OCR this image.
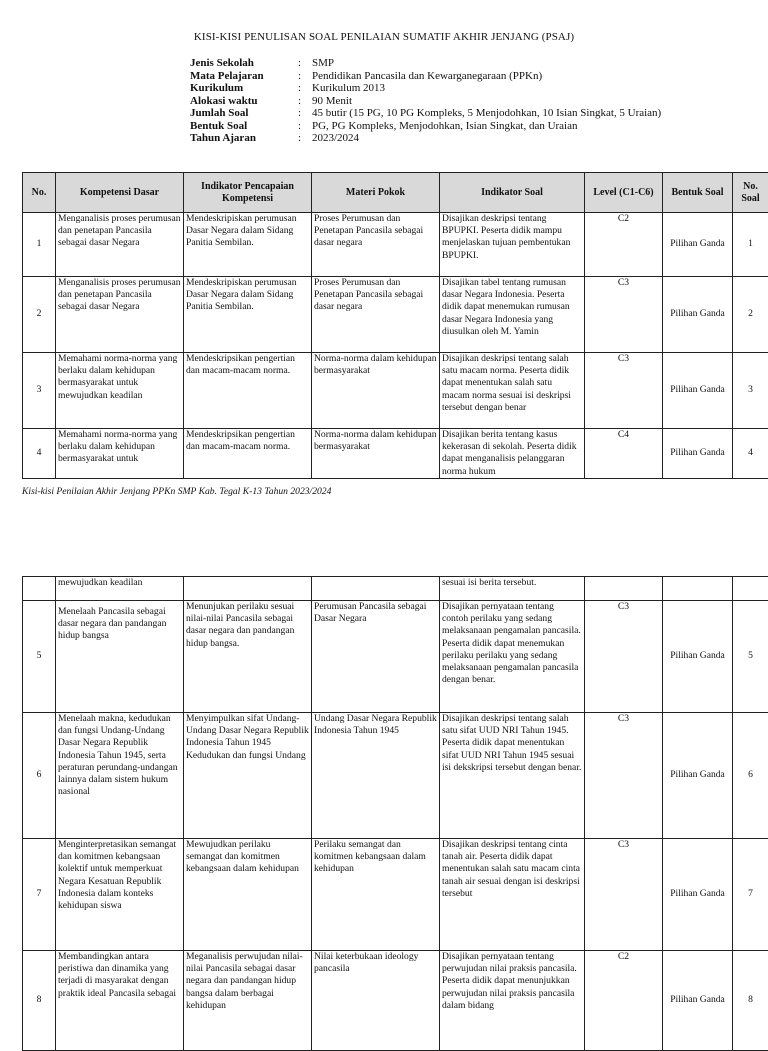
KISI-KISI PENULISAN SOAL PENILAIAN SUMATIF AKHIR JENJANG (PSAJ)
Jenis Sekolah	: SMP
Mata Pelajaran	: Pendidikan Pancasila dan Kewarganegaraan (PPKn)
Kurikulum	: Kurikulum 2013
Alokasi waktu	: 90 Menit
Jumlah Soal	: 45 butir (15 PG, 10 PG Kompleks, 5 Menjodohkan, 10 Isian Singkat, 5 Uraian)
Bentuk Soal	: PG, PG Kompleks, Menjodohkan, Isian Singkat, dan Uraian
Tahun Ajaran	: 2023/2024
No.	Kompetensi Dasar	Indikator Pencapaian Kompetensi	Materi Pokok	Indikator Soal	Level (C1-C6)	Bentuk Soal	No. Soal
1	Menganalisis proses perumusan dan penetapan Pancasila sebagai dasar Negara	Mendeskripiskan perumusan Dasar Negara dalam Sidang Panitia Sembilan.	Proses Perumusan dan Penetapan Pancasila sebagai dasar negara	Disajikan deskripsi tentang BPUPKI. Peserta didik mampu menjelaskan tujuan pembentukan BPUPKI.	C2	Pilihan Ganda	1
2	Menganalisis proses perumusan dan penetapan Pancasila sebagai dasar Negara	Mendeskripiskan perumusan Dasar Negara dalam Sidang Panitia Sembilan.	Proses Perumusan dan Penetapan Pancasila sebagai dasar negara	Disajikan tabel tentang rumusan dasar Negara Indonesia. Peserta didik dapat menemukan rumusan dasar Negara Indonesia yang diusulkan oleh M. Yamin	C3	Pilihan Ganda	2
3	Memahami norma-norma yang berlaku dalam kehidupan bermasyarakat untuk mewujudkan keadilan	Mendeskripsikan pengertian dan macam-macam norma.	Norma-norma dalam kehidupan bermasyarakat	Disajikan deskripsi tentang salah satu macam norma. Peserta didik dapat menentukan salah satu macam norma sesuai isi deskripsi tersebut dengan benar	C3	Pilihan Ganda	3
4	Memahami norma-norma yang berlaku dalam kehidupan bermasyarakat untuk	Mendeskripsikan pengertian dan macam-macam norma.	Norma-norma dalam kehidupan bermasyarakat	Disajikan berita tentang kasus kekerasan di sekolah. Peserta didik dapat menganalisis pelanggaran norma hukum	C4	Pilihan Ganda	4
Kisi-kisi Penilaian Akhir Jenjang PPKn SMP Kab. Tegal K-13 Tahun 2023/2024
	mewujudkan keadilan			sesuai isi berita tersebut.			
5	Menelaah Pancasila sebagai dasar negara dan pandangan hidup bangsa	Menunjukan perilaku sesuai nilai-nilai Pancasila sebagai dasar negara dan pandangan hidup bangsa.	Perumusan Pancasila sebagai Dasar Negara	Disajikan pernyataan tentang contoh perilaku yang sedang melaksanaan pengamalan pancasila. Peserta didik dapat menemukan perilaku perilaku yang sedang melaksanaan pengamalan pancasila dengan benar.	C3	Pilihan Ganda	5
6	Menelaah makna, kedudukan dan fungsi Undang-Undang Dasar Negara Republik Indonesia Tahun 1945, serta peraturan perundang-undangan lainnya dalam sistem hukum nasional	Menyimpulkan sifat Undang-Undang Dasar Negara Republik Indonesia Tahun 1945 Kedudukan dan fungsi Undang	Undang Dasar Negara Republik Indonesia Tahun 1945	Disajikan deskripsi tentang salah satu sifat UUD NRI Tahun 1945. Peserta didik dapat menentukan sifat UUD NRI Tahun 1945 sesuai isi dekskripsi tersebut dengan benar.	C3	Pilihan Ganda	6
7	Menginterpretasikan semangat dan komitmen kebangsaan kolektif untuk memperkuat Negara Kesatuan Republik Indonesia dalam konteks kehidupan siswa	Mewujudkan perilaku semangat dan komitmen kebangsaan dalam kehidupan	Perilaku semangat dan komitmen kebangsaan dalam kehidupan	Disajikan deskripsi tentang cinta tanah air. Peserta didik dapat menentukan salah satu macam cinta tanah air sesuai dengan isi deskripsi tersebut	C3	Pilihan Ganda	7
8	Membandingkan antara peristiwa dan dinamika yang terjadi di masyarakat dengan praktik ideal Pancasila sebagai	Meganalisis perwujudan nilai-nilai Pancasila sebagai dasar negara dan pandangan hidup bangsa dalam berbagai kehidupan	Nilai keterbukaan ideology pancasila	Disajikan pernyataan tentang perwujudan nilai praksis pancasila. Peserta didik dapat menunjukkan perwujudan nilai praksis pancasila dalam bidang	C2	Pilihan Ganda	8
